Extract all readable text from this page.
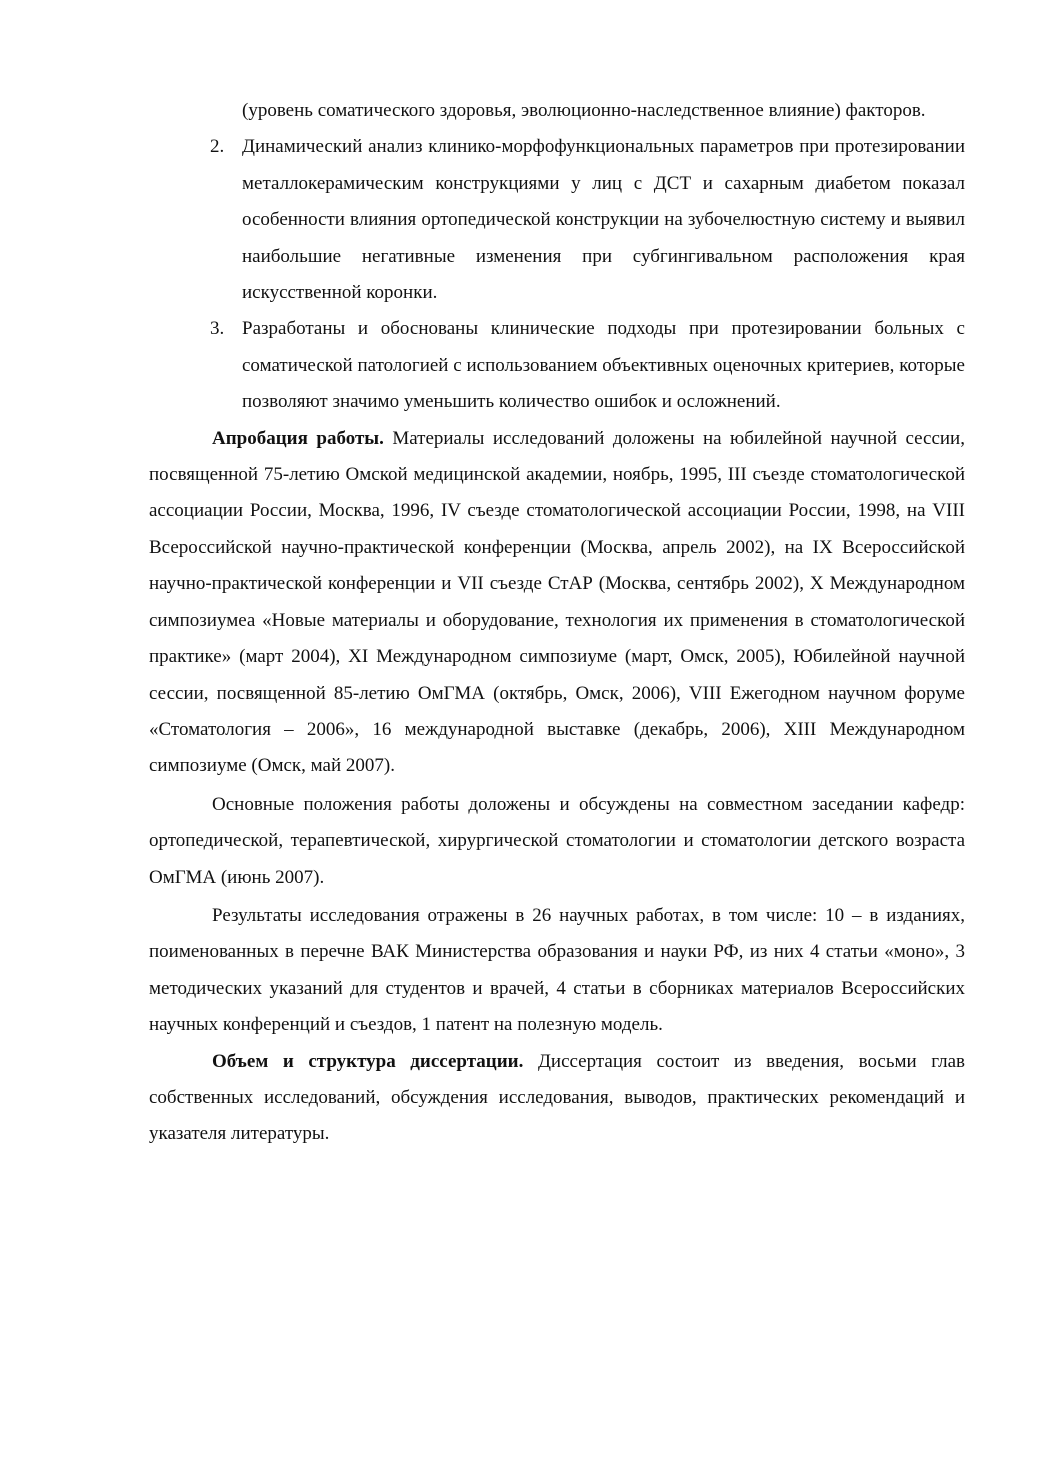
(уровень соматического здоровья, эволюционно-наследственное влияние) факторов.
2. Динамический анализ клинико-морфофункциональных параметров при протезировании металлокерамическим конструкциями у лиц с ДСТ и сахарным диабетом показал особенности влияния ортопедической конструкции на зубочелюстную систему и выявил наибольшие негативные изменения при субгингивальном расположения края искусственной коронки.
3. Разработаны и обоснованы клинические подходы при протезировании больных с соматической патологией с использованием объективных оценочных критериев, которые позволяют значимо уменьшить количество ошибок и осложнений.

Апробация работы. Материалы исследований доложены на юбилейной научной сессии, посвященной 75-летию Омской медицинской академии, ноябрь, 1995, III съезде стоматологической ассоциации России, Москва, 1996, IV съезде стоматологической ассоциации России, 1998, на VIII Всероссийской научно-практической конференции (Москва, апрель 2002), на IX Всероссийской научно-практической конференции и VII съезде СтАР (Москва, сентябрь 2002), X Международном симпозиумеа «Новые материалы и оборудование, технология их применения в стоматологической практике» (март 2004), XI Международном симпозиуме (март, Омск, 2005), Юбилейной научной сессии, посвященной 85-летию ОмГМА (октябрь, Омск, 2006), VIII Ежегодном научном форуме «Стоматология – 2006», 16 международной выставке (декабрь, 2006), XIII Международном симпозиуме (Омск, май 2007).

Основные положения работы доложены и обсуждены на совместном заседании кафедр: ортопедической, терапевтической, хирургической стоматологии и стоматологии детского возраста ОмГМА (июнь 2007).

Результаты исследования отражены в 26 научных работах, в том числе: 10 – в изданиях, поименованных в перечне ВАК Министерства образования и науки РФ, из них 4 статьи «моно», 3 методических указаний для студентов и врачей, 4 статьи в сборниках материалов Всероссийских научных конференций и съездов, 1 патент на полезную модель.

Объем и структура диссертации. Диссертация состоит из введения, восьми глав собственных исследований, обсуждения исследования, выводов, практических рекомендаций и указателя литературы.
